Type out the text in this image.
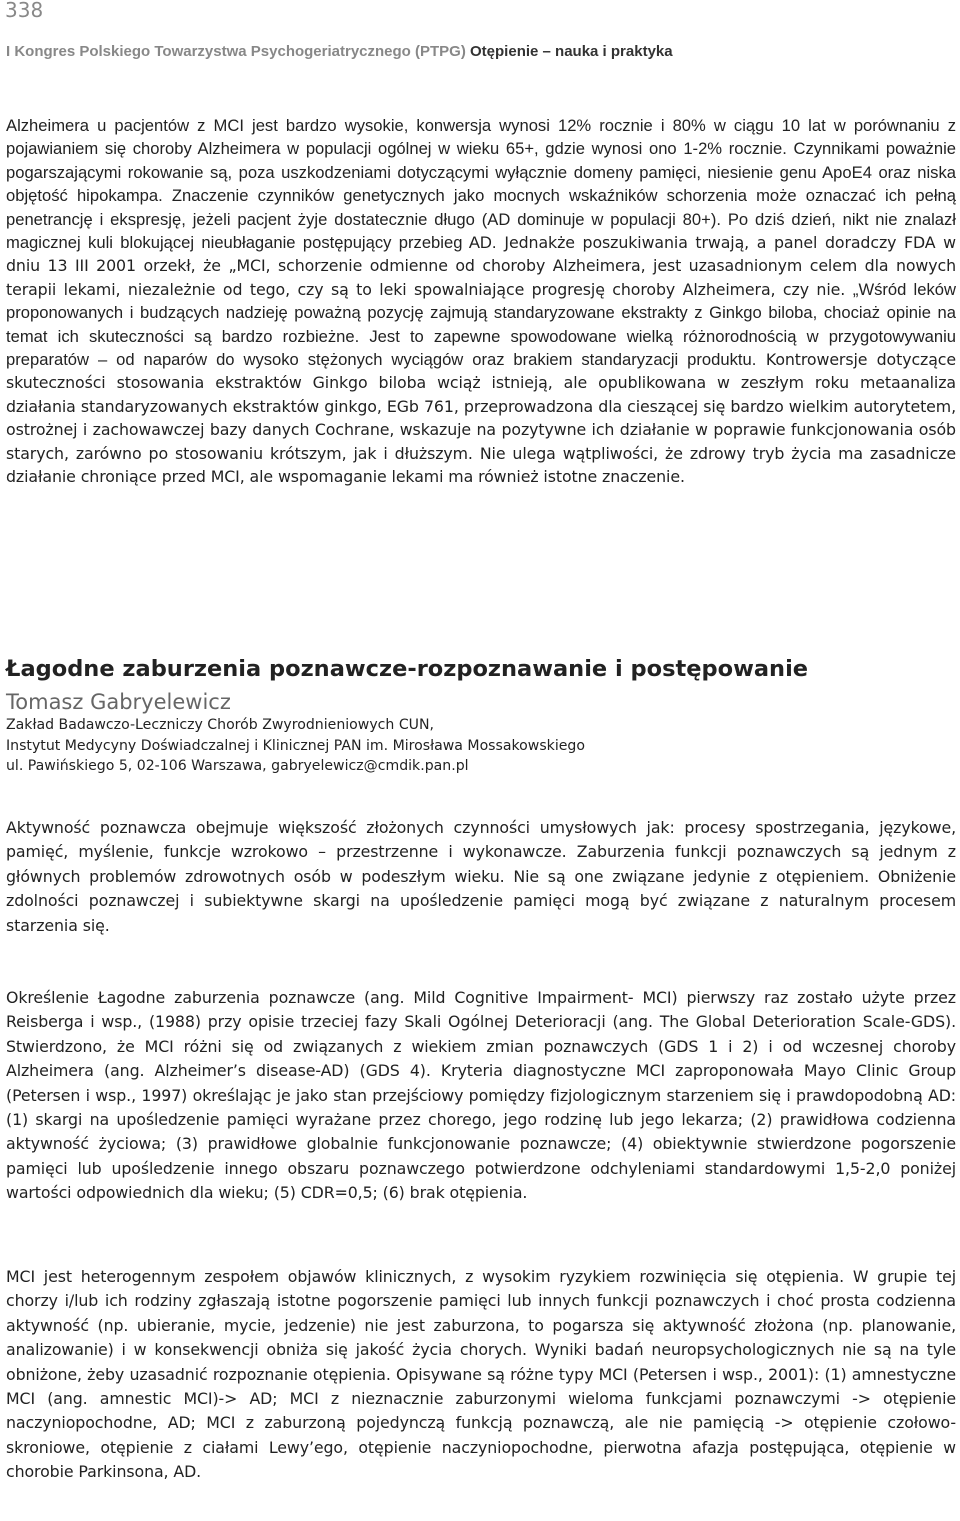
338
I Kongres Polskiego Towarzystwa Psychogeriatrycznego (PTPG) Otępienie – nauka i praktyka
Alzheimera u pacjentów z MCI jest bardzo wysokie, konwersja wynosi 12% rocznie i 80% w ciągu 10 lat w porównaniu z pojawianiem się choroby Alzheimera w populacji ogólnej w wieku 65+, gdzie wynosi ono 1-2% rocznie. Czynnikami poważnie pogarszającymi rokowanie są, poza uszkodzeniami dotyczącymi wyłącznie domeny pamięci, niesienie genu ApoE4 oraz niska objętość hipokampa. Znaczenie czynników genetycznych jako mocnych wskaźników schorzenia może oznaczać ich pełną penetrancję i ekspresję, jeżeli pacjent żyje dostatecznie długo (AD dominuje w populacji 80+). Po dziś dzień, nikt nie znalazł magicznej kuli blokującej nieubłaganie postępujący przebieg AD. Jednakże poszukiwania trwają, a panel doradczy FDA w dniu 13 III 2001 orzekł, że „MCI, schorzenie odmienne od choroby Alzheimera, jest uzasadnionym celem dla nowych terapii lekami, niezależnie od tego, czy są to leki spowalniające progresję choroby Alzheimera, czy nie. „Wśród leków proponowanych i budzących nadzieję poważną pozycję zajmują standaryzowane ekstrakty z Ginkgo biloba, chociaż opinie na temat ich skuteczności są bardzo rozbieżne. Jest to zapewne spowodowane wielką różnorodnością w przygotowywaniu preparatów – od naparów do wysoko stężonych wyciągów oraz brakiem standaryzacji produktu. Kontrowersje dotyczące skuteczności stosowania ekstraktów Ginkgo biloba wciąż istnieją, ale opublikowana w zeszłym roku metaanaliza działania standaryzowanych ekstraktów ginkgo, EGb 761, przeprowadzona dla cieszącej się bardzo wielkim autorytetem, ostrożnej i zachowawczej bazy danych Cochrane, wskazuje na pozytywne ich działanie w poprawie funkcjonowania osób starych, zarówno po stosowaniu krótszym, jak i dłuższym. Nie ulega wątpliwości, że zdrowy tryb życia ma zasadnicze działanie chroniące przed MCI, ale wspomaganie lekami ma również istotne znaczenie.
Łagodne zaburzenia poznawcze-rozpoznawanie i postępowanie
Tomasz Gabryelewicz
Zakład Badawczo-Leczniczy Chorób Zwyrodnieniowych CUN,
Instytut Medycyny Doświadczalnej i Klinicznej PAN im. Mirosława Mossakowskiego
ul. Pawińskiego 5, 02-106 Warszawa, gabryelewicz@cmdik.pan.pl

Aktywność poznawcza obejmuje większość złożonych czynności umysłowych jak: procesy spostrzegania, językowe, pamięć, myślenie, funkcje wzrokowo – przestrzenne i wykonawcze. Zaburzenia funkcji poznawczych są jednym z głównych problemów zdrowotnych osób w podeszłym wieku. Nie są one związane jedynie z otępieniem. Obniżenie zdolności poznawczej i subiektywne skargi na upośledzenie pamięci mogą być związane z naturalnym procesem starzenia się.

Określenie Łagodne zaburzenia poznawcze (ang. Mild Cognitive Impairment- MCI) pierwszy raz zostało użyte przez Reisberga i wsp., (1988) przy opisie trzeciej fazy Skali Ogólnej Deterioracji (ang. The Global Deterioration Scale-GDS). Stwierdzono, że MCI różni się od związanych z wiekiem zmian poznawczych (GDS 1 i 2) i od wczesnej choroby Alzheimera (ang. Alzheimer’s disease-AD) (GDS 4). Kryteria diagnostyczne MCI zaproponowała Mayo Clinic Group (Petersen i wsp., 1997) określając je jako stan przejściowy pomiędzy fizjologicznym starzeniem się i prawdopodobną AD: (1) skargi na upośledzenie pamięci wyrażane przez chorego, jego rodzinę lub jego lekarza; (2) prawidłowa codzienna aktywność życiowa; (3) prawidłowe globalnie funkcjonowanie poznawcze; (4) obiektywnie stwierdzone pogorszenie pamięci lub upośledzenie innego obszaru poznawczego potwierdzone odchyleniami standardowymi 1,5-2,0 poniżej wartości odpowiednich dla wieku; (5) CDR=0,5; (6) brak otępienia.

MCI jest heterogennym zespołem objawów klinicznych, z wysokim ryzykiem rozwinięcia się otępienia. W grupie tej chorzy i/lub ich rodziny zgłaszają istotne pogorszenie pamięci lub innych funkcji poznawczych i choć prosta codzienna aktywność (np. ubieranie, mycie, jedzenie) nie jest zaburzona, to pogarsza się aktywność złożona (np. planowanie, analizowanie) i w konsekwencji obniża się jakość życia chorych. Wyniki badań neuropsychologicznych nie są na tyle obniżone, żeby uzasadnić rozpoznanie otępienia. Opisywane są różne typy MCI (Petersen i wsp., 2001): (1) amnestyczne MCI (ang. amnestic MCI)-> AD; MCI z nieznacznie zaburzonymi wieloma funkcjami poznawczymi -> otępienie naczyniopochodne, AD; MCI z zaburzoną pojedynczą funkcją poznawczą, ale nie pamięcią -> otępienie czołowo-skroniowe, otępienie z ciałami Lewy’ego, otępienie naczyniopochodne, pierwotna afazja postępująca, otępienie w chorobie Parkinsona, AD.
